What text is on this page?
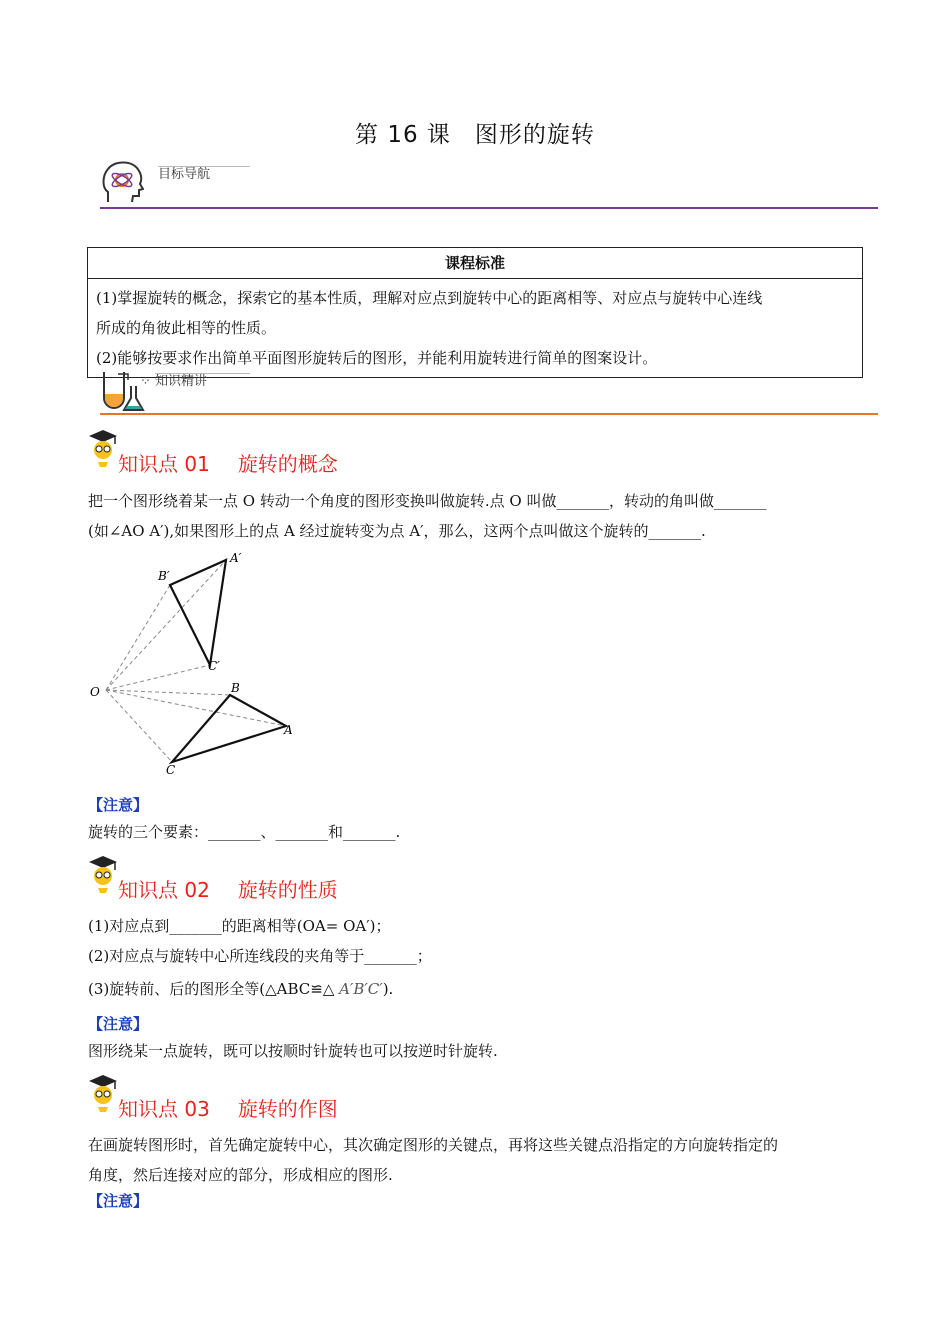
第 16 课　图形的旋转
目标导航
课程标准

(1)掌握旋转的概念，探索它的基本性质，理解对应点到旋转中心的距离相等、对应点与旋转中心连线
所成的角彼此相等的性质。
(2)能够按要求作出简单平面图形旋转后的图形，并能利用旋转进行简单的图案设计。
⁘ 知识精讲
知识点 01 旋转的概念
把一个图形绕着某一点 O 转动一个角度的图形变换叫做旋转.点 O 叫做_______，转动的角叫做_______
(如∠AO A′),如果图形上的点 A 经过旋转变为点 A′，那么，这两个点叫做这个旋转的_______.
O
A′
B′
C′
B
A
C
【注意】
旋转的三个要素：_______、_______和_______.
知识点 02 旋转的性质
(1)对应点到_______的距离相等(OA= OA′)；
(2)对应点与旋转中心所连线段的夹角等于_______；
(3)旋转前、后的图形全等(△ABC≌△ A′B′C′).
【注意】
图形绕某一点旋转，既可以按顺时针旋转也可以按逆时针旋转.
知识点 03 旋转的作图
在画旋转图形时，首先确定旋转中心，其次确定图形的关键点，再将这些关键点沿指定的方向旋转指定的
角度，然后连接对应的部分，形成相应的图形.
【注意】
